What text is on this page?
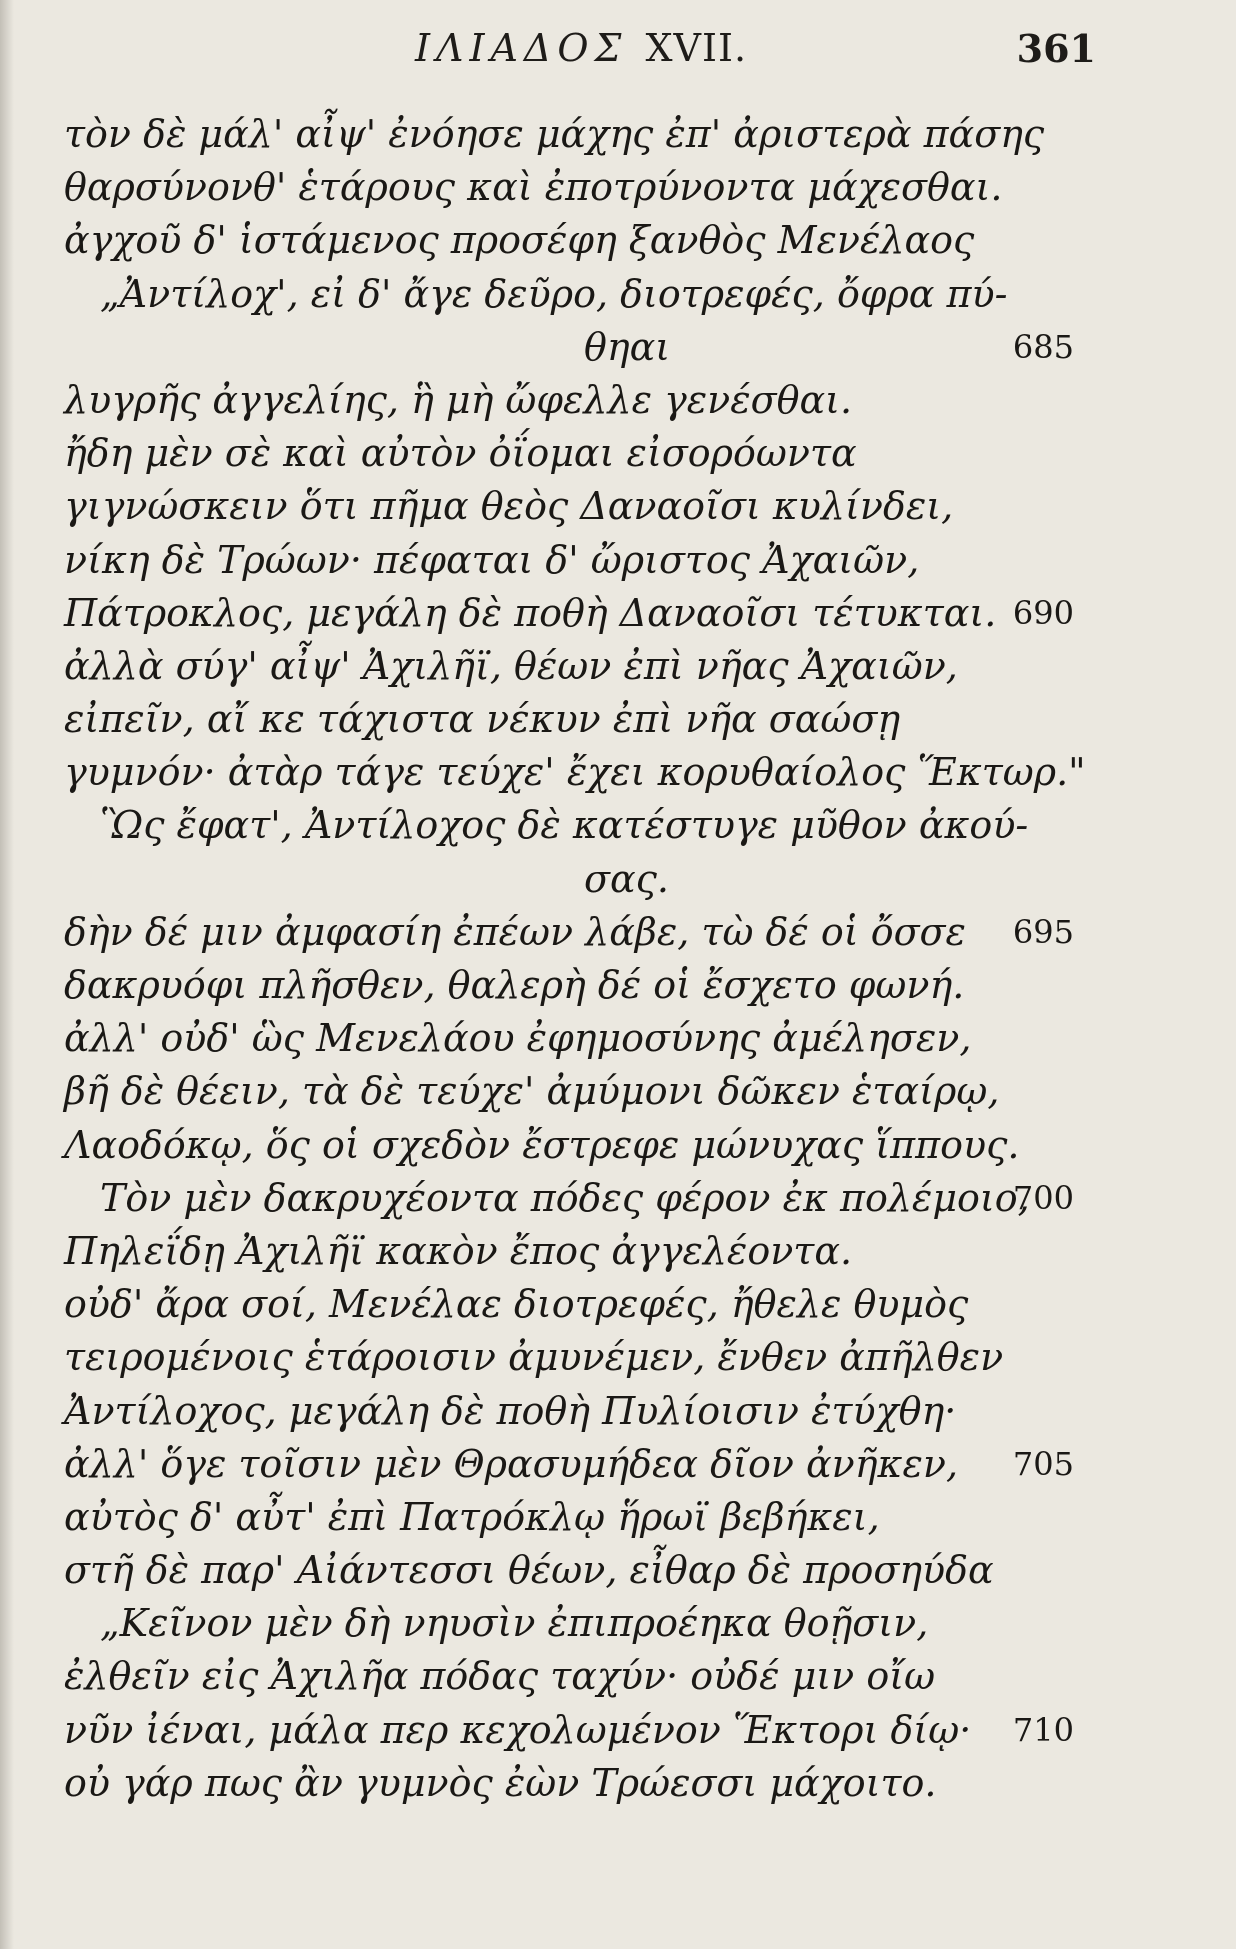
ΙΛΙΑΔΟΣ XVII.	361
τὸν δὲ μάλ' αἶψ' ἐνόησε μάχης ἐπ' ἀριστερὰ πάσης
θαρσύνονθ' ἑτάρους καὶ ἐποτρύνοντα μάχεσθαι.
ἀγχοῦ δ' ἱστάμενος προσέφη ξανθὸς Μενέλαος
„Ἀντίλοχ', εἰ δ' ἄγε δεῦρο, διοτρεφές, ὄφρα πύ-
θηαι	685
λυγρῆς ἀγγελίης, ἣ μὴ ὤφελλε γενέσθαι.
ἤδη μὲν σὲ καὶ αὐτὸν ὀΐομαι εἰσορόωντα
γιγνώσκειν ὅτι πῆμα θεὸς Δαναοῖσι κυλίνδει,
νίκη δὲ Τρώων· πέφαται δ' ὤριστος Ἀχαιῶν,
Πάτροκλος, μεγάλη δὲ ποθὴ Δαναοῖσι τέτυκται. 690
ἀλλὰ σύγ' αἶψ' Ἀχιλῆϊ, θέων ἐπὶ νῆας Ἀχαιῶν,
εἰπεῖν, αἴ κε τάχιστα νέκυν ἐπὶ νῆα σαώσῃ
γυμνόν· ἀτὰρ τάγε τεύχε' ἔχει κορυθαίολος Ἕκτωρ."
Ὣς ἔφατ', Ἀντίλοχος δὲ κατέστυγε μῦθον ἀκού-
σας.
δὴν δέ μιν ἀμφασίη ἐπέων λάβε, τὼ δέ οἱ ὄσσε 695
δακρυόφι πλῆσθεν, θαλερὴ δέ οἱ ἔσχετο φωνή.
ἀλλ' οὐδ' ὣς Μενελάου ἐφημοσύνης ἀμέλησεν,
βῆ δὲ θέειν, τὰ δὲ τεύχε' ἀμύμονι δῶκεν ἑταίρῳ,
Λαοδόκῳ, ὅς οἱ σχεδὸν ἔστρεφε μώνυχας ἵππους.
Τὸν μὲν δακρυχέοντα πόδες φέρον ἐκ πολέμοιο,
700
Πηλεΐδῃ Ἀχιλῆϊ κακὸν ἔπος ἀγγελέοντα.
οὐδ' ἄρα σοί, Μενέλαε διοτρεφές, ἤθελε θυμὸς
τειρομένοις ἑτάροισιν ἀμυνέμεν, ἔνθεν ἀπῆλθεν
Ἀντίλοχος, μεγάλη δὲ ποθὴ Πυλίοισιν ἐτύχθη·
ἀλλ' ὅγε τοῖσιν μὲν Θρασυμήδεα δῖον ἀνῆκεν, 705
αὐτὸς δ' αὖτ' ἐπὶ Πατρόκλῳ ἥρωϊ βεβήκει,
στῆ δὲ παρ' Αἰάντεσσι θέων, εἶθαρ δὲ προσηύδα
„Κεῖνον μὲν δὴ νηυσὶν ἐπιπροέηκα θοῇσιν,
ἐλθεῖν εἰς Ἀχιλῆα πόδας ταχύν· οὐδέ μιν οἴω
νῦν ἰέναι, μάλα περ κεχολωμένον Ἕκτορι δίῳ· 710
οὐ γάρ πως ἂν γυμνὸς ἐὼν Τρώεσσι μάχοιτο.
